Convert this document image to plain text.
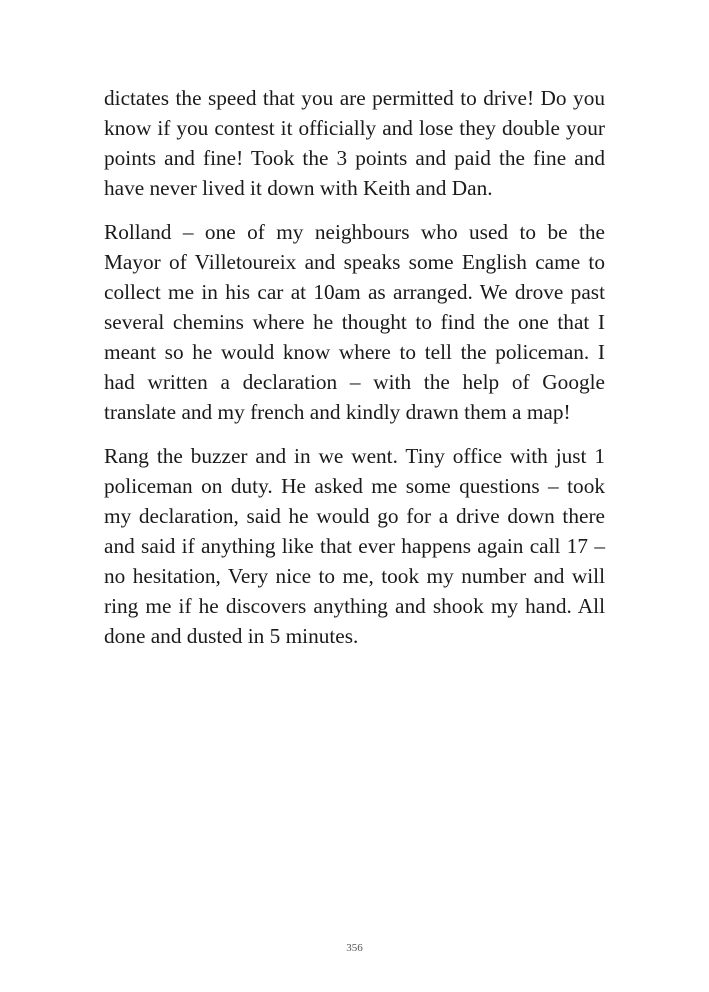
dictates the speed that you are permitted to drive! Do you know if you contest it officially and lose they double your points and fine! Took the 3 points and paid the fine and have never lived it down with Keith and Dan.

Rolland – one of my neighbours who used to be the Mayor of Villetoureix and speaks some English came to collect me in his car at 10am as arranged. We drove past several chemins where he thought to find the one that I meant so he would know where to tell the policeman. I had written a declaration – with the help of Google translate and my french and kindly drawn them a map!

Rang the buzzer and in we went. Tiny office with just 1 policeman on duty. He asked me some questions – took my declaration, said he would go for a drive down there and said if anything like that ever happens again call 17 – no hesitation, Very nice to me, took my number and will ring me if he discovers anything and shook my hand. All done and dusted in 5 minutes.

356
